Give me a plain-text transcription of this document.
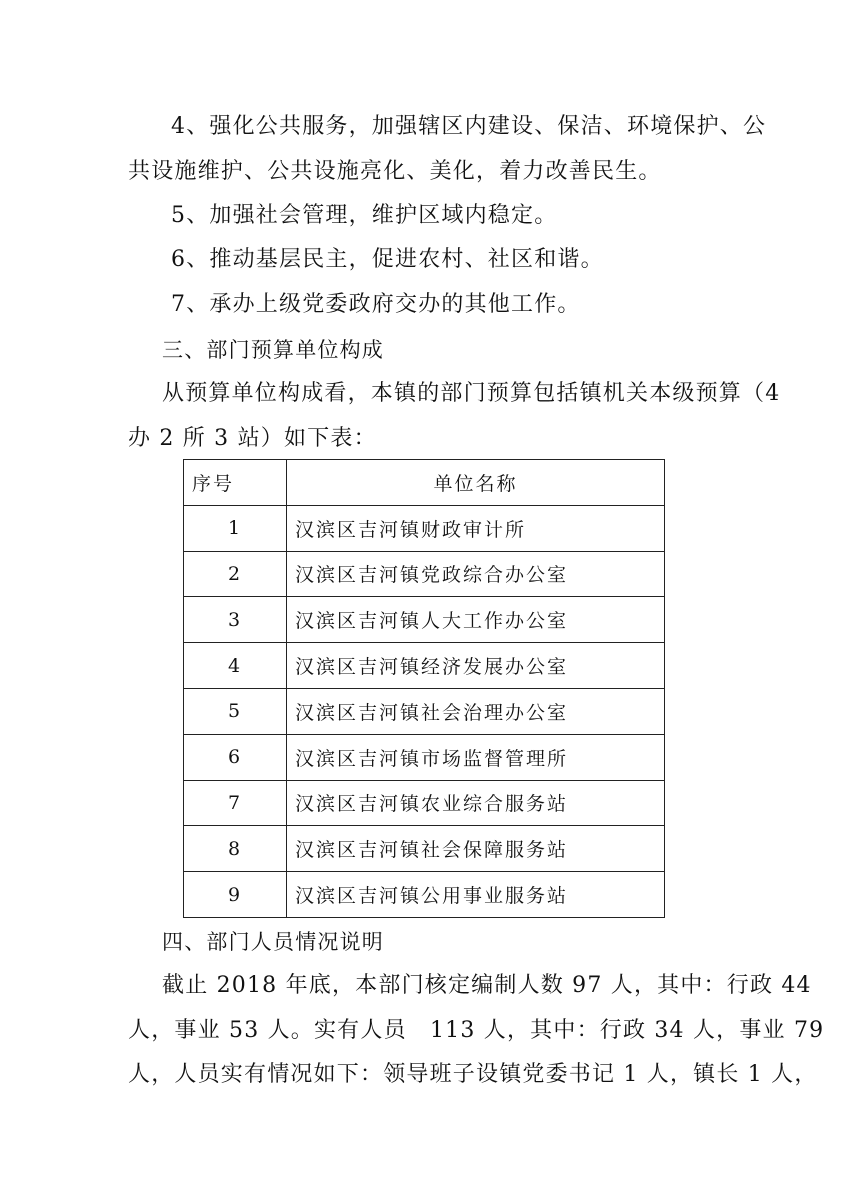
4、强化公共服务，加强辖区内建设、保洁、环境保护、公
共设施维护、公共设施亮化、美化，着力改善民生。
5、加强社会管理，维护区域内稳定。
6、推动基层民主，促进农村、社区和谐。
7、承办上级党委政府交办的其他工作。
三、部门预算单位构成
从预算单位构成看，本镇的部门预算包括镇机关本级预算（4
办 2 所 3 站）如下表：
序号	单位名称
1	汉滨区吉河镇财政审计所
2	汉滨区吉河镇党政综合办公室
3	汉滨区吉河镇人大工作办公室
4	汉滨区吉河镇经济发展办公室
5	汉滨区吉河镇社会治理办公室
6	汉滨区吉河镇市场监督管理所
7	汉滨区吉河镇农业综合服务站
8	汉滨区吉河镇社会保障服务站
9	汉滨区吉河镇公用事业服务站
四、部门人员情况说明
截止 2018 年底，本部门核定编制人数 97 人，其中：行政 44
人，事业 53 人。实有人员　113 人，其中：行政 34 人，事业 79
人，人员实有情况如下：领导班子设镇党委书记 1 人，镇长 1 人，
